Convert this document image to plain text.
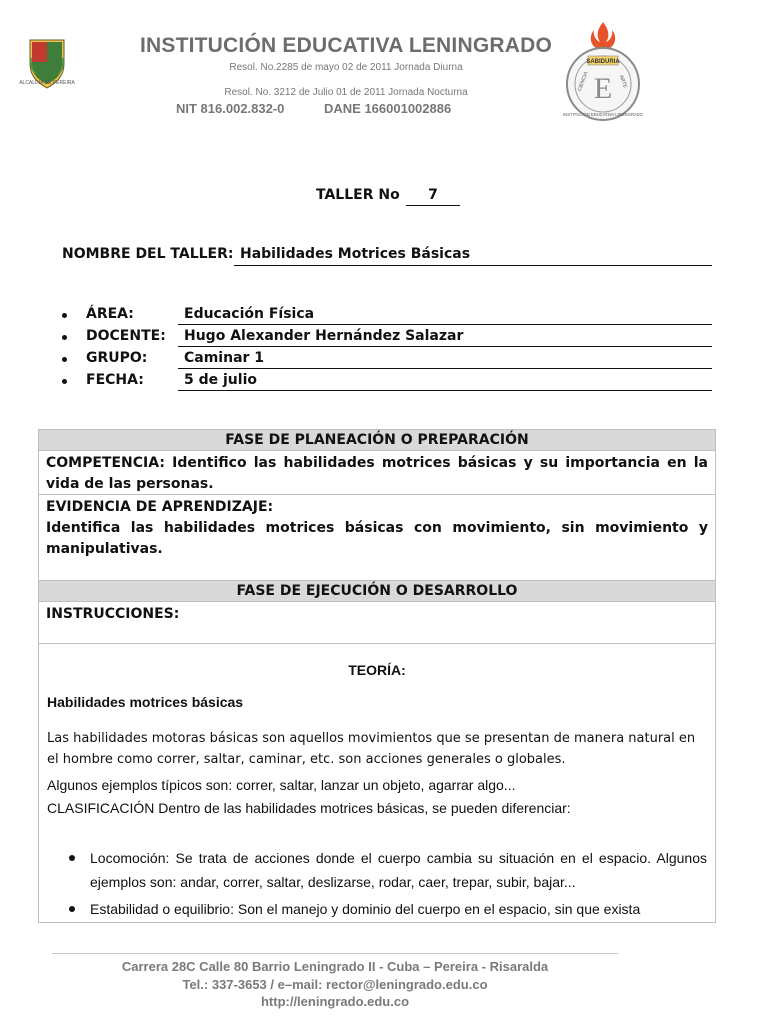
ALCALDÍA DE PEREIRA
INSTITUCIÓN EDUCATIVA LENINGRADO
Resol. No.2285 de mayo 02 de 2011 Jornada Diurna
Resol. No. 3212 de Julio 01 de 2011 Jornada Nocturna
NIT 816.002.832-0	DANE 166001002886
SABIDURIA
E
CIENCIA	ARTE
INSTITUCION EDUCATIVA LENINGRADO
TALLER No	7
NOMBRE DEL TALLER: Habilidades Motrices Básicas
ÁREA:	Educación Física
DOCENTE:	Hugo Alexander Hernández Salazar
GRUPO:	Caminar 1
FECHA:	5 de julio
FASE DE PLANEACIÓN O PREPARACIÓN
COMPETENCIA: Identifico las habilidades motrices básicas y su importancia en la vida de las personas.
EVIDENCIA DE APRENDIZAJE:
Identifica las habilidades motrices básicas con movimiento, sin movimiento y manipulativas.
FASE DE EJECUCIÓN O DESARROLLO
INSTRUCCIONES:
TEORÍA:
Habilidades motrices básicas
Las habilidades motoras básicas son aquellos movimientos que se presentan de manera natural en el hombre como correr, saltar, caminar, etc. son acciones generales o globales.
Algunos ejemplos típicos son: correr, saltar, lanzar un objeto, agarrar algo...
CLASIFICACIÓN Dentro de las habilidades motrices básicas, se pueden diferenciar:
Locomoción: Se trata de acciones donde el cuerpo cambia su situación en el espacio. Algunos ejemplos son: andar, correr, saltar, deslizarse, rodar, caer, trepar, subir, bajar...
Estabilidad o equilibrio: Son el manejo y dominio del cuerpo en el espacio, sin que exista
Carrera 28C Calle 80 Barrio Leningrado II - Cuba – Pereira - Risaralda
Tel.: 337-3653 / e–mail: rector@leningrado.edu.co
http://leningrado.edu.co
